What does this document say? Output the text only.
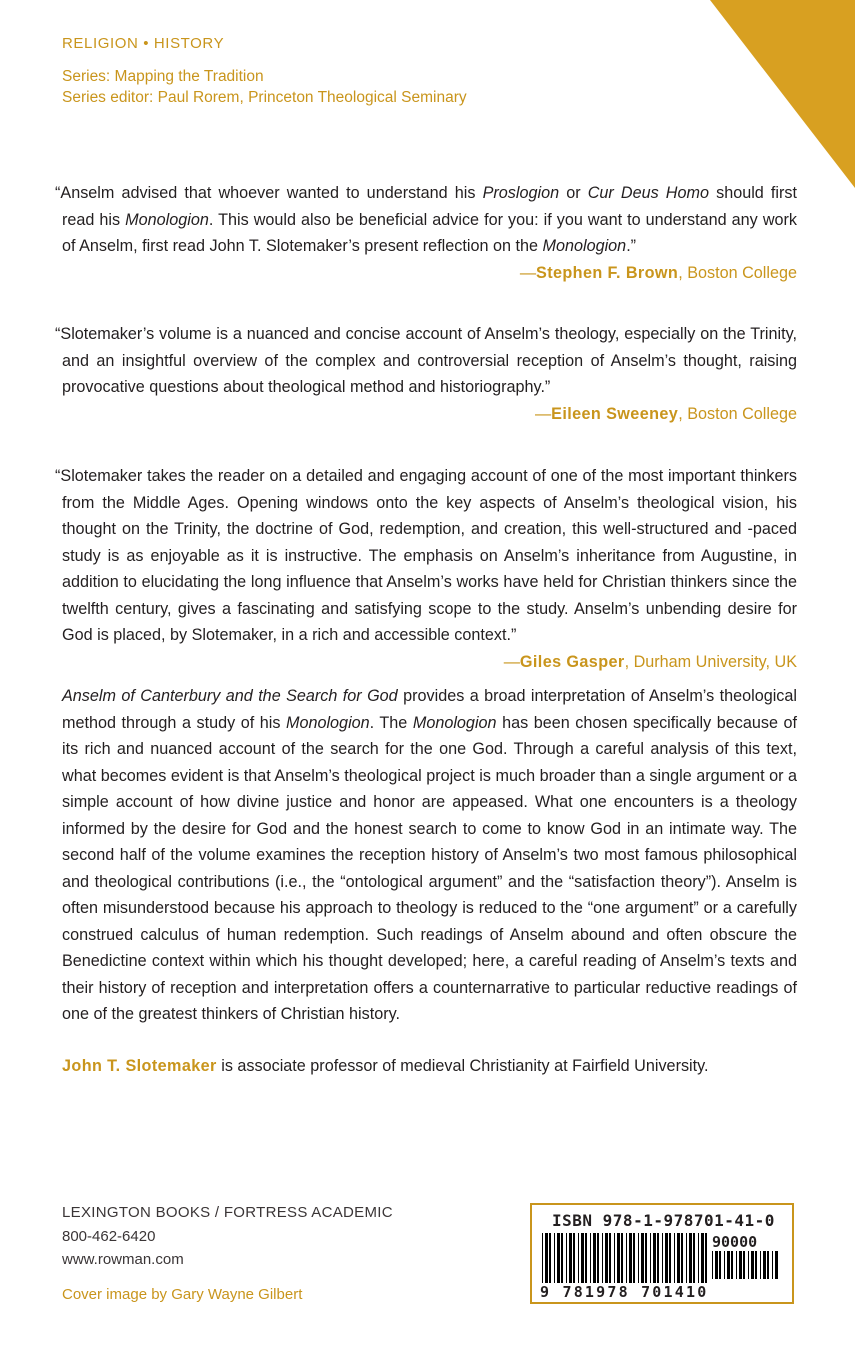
RELIGION • HISTORY
Series: Mapping the Tradition
Series editor: Paul Rorem, Princeton Theological Seminary

“Anselm advised that whoever wanted to understand his Proslogion or Cur Deus Homo should first read his Monologion. This would also be beneficial advice for you: if you want to understand any work of Anselm, first read John T. Slotemaker’s present reflection on the Monologion.”

—Stephen F. Brown, Boston College

“Slotemaker’s volume is a nuanced and concise account of Anselm’s theology, especially on the Trinity, and an insightful overview of the complex and controversial reception of Anselm’s thought, raising provocative questions about theological method and historiography.”

—Eileen Sweeney, Boston College

“Slotemaker takes the reader on a detailed and engaging account of one of the most important thinkers from the Middle Ages. Opening windows onto the key aspects of Anselm’s theological vision, his thought on the Trinity, the doctrine of God, redemption, and creation, this well-structured and -paced study is as enjoyable as it is instructive. The emphasis on Anselm’s inheritance from Augustine, in addition to elucidating the long influence that Anselm’s works have held for Christian thinkers since the twelfth century, gives a fascinating and satisfying scope to the study. Anselm’s unbending desire for God is placed, by Slotemaker, in a rich and accessible context.”

—Giles Gasper, Durham University, UK

Anselm of Canterbury and the Search for God provides a broad interpretation of Anselm’s theological method through a study of his Monologion. The Monologion has been chosen specifically because of its rich and nuanced account of the search for the one God. Through a careful analysis of this text, what becomes evident is that Anselm’s theological project is much broader than a single argument or a simple account of how divine justice and honor are appeased. What one encounters is a theology informed by the desire for God and the honest search to come to know God in an intimate way. The second half of the volume examines the reception history of Anselm’s two most famous philosophical and theological contributions (i.e., the “ontological argument” and the “satisfaction theory”). Anselm is often misunderstood because his approach to theology is reduced to the “one argument” or a carefully construed calculus of human redemption. Such readings of Anselm abound and often obscure the Benedictine context within which his thought developed; here, a careful reading of Anselm’s texts and their history of reception and interpretation offers a counternarrative to particular reductive readings of one of the greatest thinkers of Christian history.

John T. Slotemaker is associate professor of medieval Christianity at Fairfield University.
LEXINGTON BOOKS / FORTRESS ACADEMIC
800-462-6420
www.rowman.com
Cover image by Gary Wayne Gilbert
ISBN 978-1-978701-41-0
90000
9 781978 701410
